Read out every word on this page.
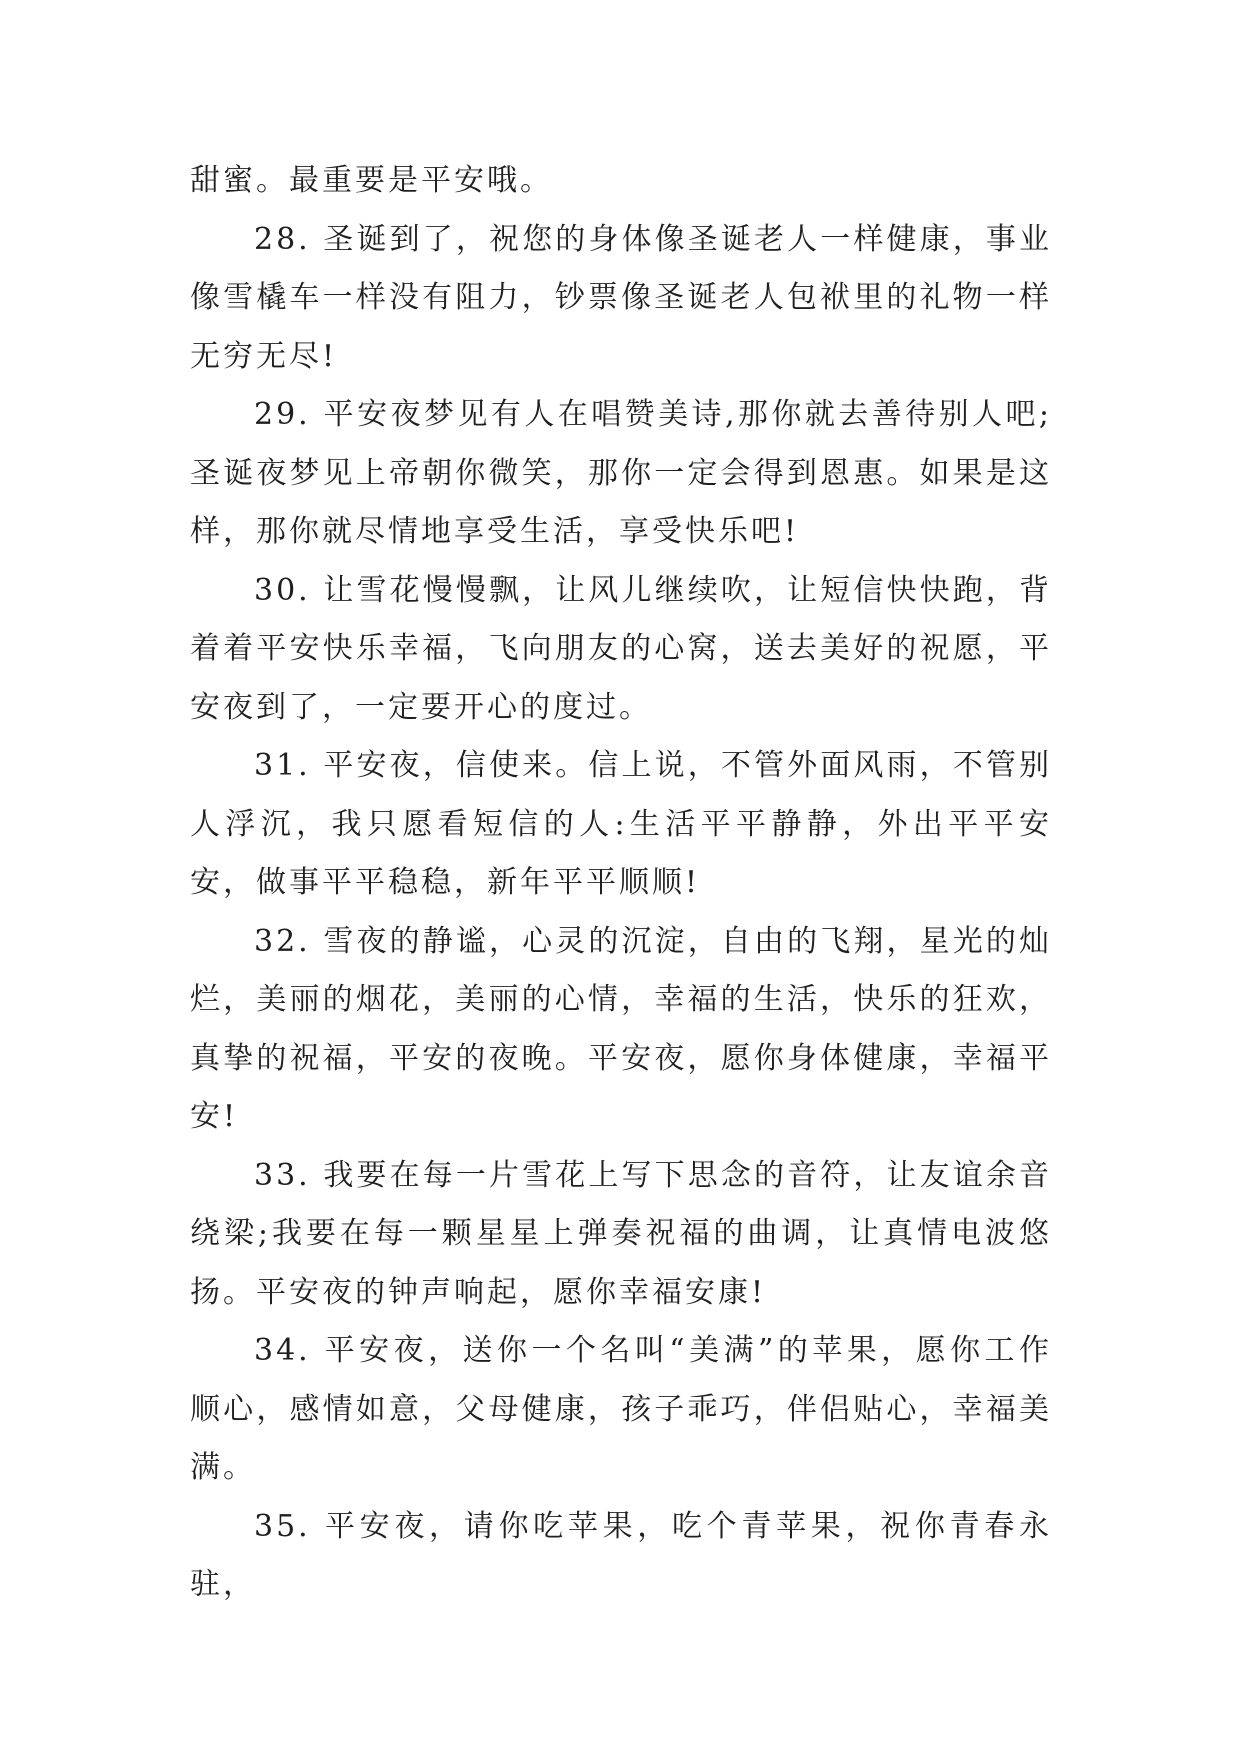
甜蜜。最重要是平安哦。

28. 圣诞到了，祝您的身体像圣诞老人一样健康，事业像雪橇车一样没有阻力，钞票像圣诞老人包袱里的礼物一样无穷无尽!

29. 平安夜梦见有人在唱赞美诗,那你就去善待别人吧;圣诞夜梦见上帝朝你微笑，那你一定会得到恩惠。如果是这样，那你就尽情地享受生活，享受快乐吧!

30. 让雪花慢慢飘，让风儿继续吹，让短信快快跑，背着着平安快乐幸福，飞向朋友的心窝，送去美好的祝愿，平安夜到了，一定要开心的度过。

31. 平安夜，信使来。信上说，不管外面风雨，不管别人浮沉，我只愿看短信的人:生活平平静静，外出平平安安，做事平平稳稳，新年平平顺顺!

32. 雪夜的静谧，心灵的沉淀，自由的飞翔，星光的灿烂，美丽的烟花，美丽的心情，幸福的生活，快乐的狂欢，真挚的祝福，平安的夜晚。平安夜，愿你身体健康，幸福平安!

33. 我要在每一片雪花上写下思念的音符，让友谊余音绕梁;我要在每一颗星星上弹奏祝福的曲调，让真情电波悠扬。平安夜的钟声响起，愿你幸福安康!

34. 平安夜，送你一个名叫“美满”的苹果，愿你工作顺心，感情如意，父母健康，孩子乖巧，伴侣贴心，幸福美满。

35. 平安夜，请你吃苹果，吃个青苹果，祝你青春永驻，
